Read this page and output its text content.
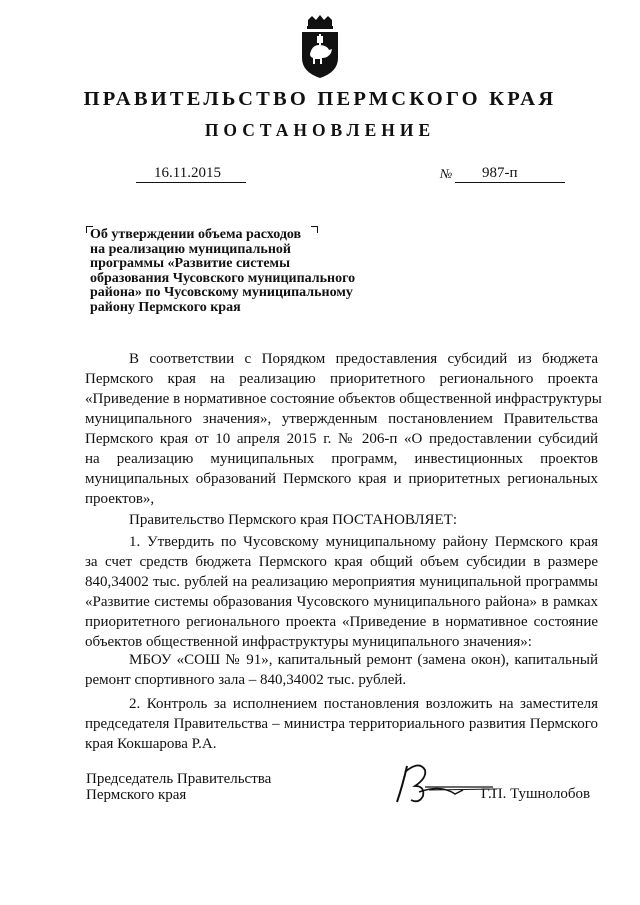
ПРАВИТЕЛЬСТВО ПЕРМСКОГО КРАЯ
ПОСТАНОВЛЕНИЕ
16.11.2015	№	987-п
Об утверждении объема расходов
на реализацию муниципальной
программы «Развитие системы
образования Чусовского муниципального
района» по Чусовскому муниципальному
району Пермского края
В соответствии с Порядком предоставления субсидий из бюджета
Пермского края на реализацию приоритетного регионального проекта
«Приведение в нормативное состояние объектов общественной инфраструктуры
муниципального значения», утвержденным постановлением Правительства
Пермского края от 10 апреля 2015 г. № 206-п «О предоставлении субсидий
на реализацию муниципальных программ, инвестиционных проектов
муниципальных образований Пермского края и приоритетных региональных
проектов»,
Правительство Пермского края ПОСТАНОВЛЯЕТ:
1. Утвердить по Чусовскому муниципальному району Пермского края
за счет средств бюджета Пермского края общий объем субсидии в размере
840,34002 тыс. рублей на реализацию мероприятия муниципальной программы
«Развитие системы образования Чусовского муниципального района» в рамках
приоритетного регионального проекта «Приведение в нормативное состояние
объектов общественной инфраструктуры муниципального значения»:
МБОУ «СОШ № 91», капитальный ремонт (замена окон), капитальный
ремонт спортивного зала – 840,34002 тыс. рублей.
2. Контроль за исполнением постановления возложить на заместителя
председателя Правительства – министра территориального развития Пермского
края Кокшарова Р.А.
Председатель Правительства
Пермского края	Г.П. Тушнолобов
